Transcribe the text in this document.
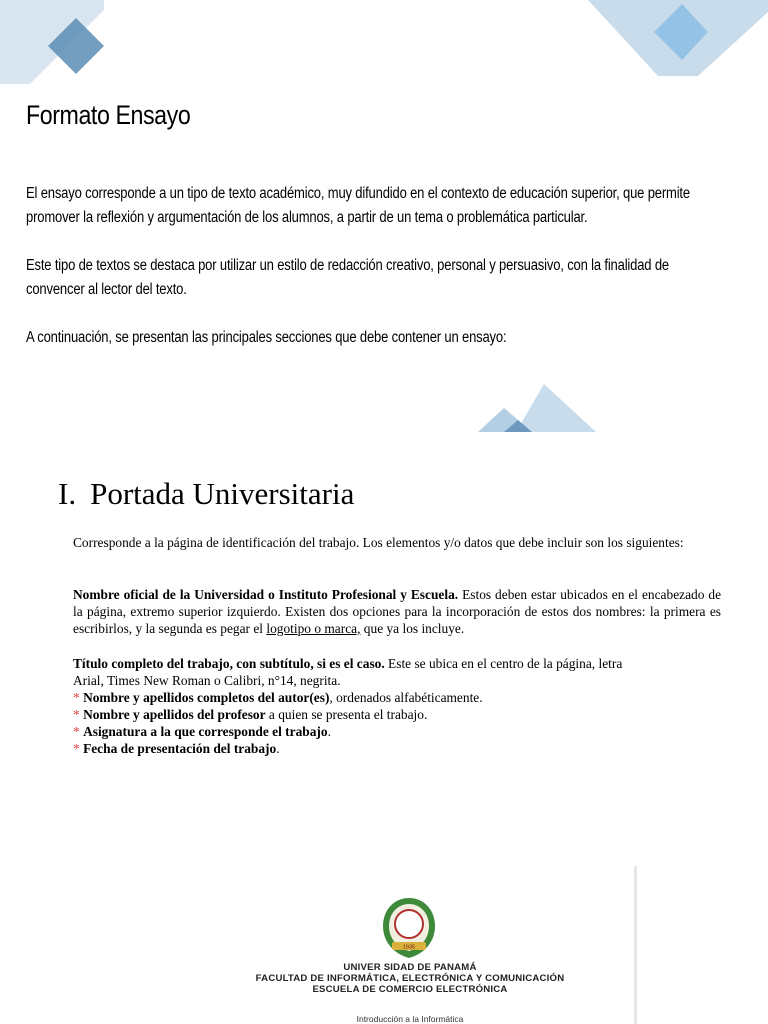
Formato Ensayo

El ensayo corresponde a un tipo de texto académico, muy difundido en el contexto de educación superior, que permite promover la reflexión y argumentación de los alumnos, a partir de un tema o problemática particular.

Este tipo de textos se destaca por utilizar un estilo de redacción creativo, personal y persuasivo, con la finalidad de convencer al lector del texto.

A continuación, se presentan las principales secciones que debe contener un ensayo:

I. Portada Universitaria

Corresponde a la página de identificación del trabajo. Los elementos y/o datos que debe incluir son los siguientes:

Nombre oficial de la Universidad o Instituto Profesional y Escuela. Estos deben estar ubicados en el encabezado de la página, extremo superior izquierdo. Existen dos opciones para la incorporación de estos dos nombres: la primera es escribirlos, y la segunda es pegar el logotipo o marca, que ya los incluye.

Título completo del trabajo, con subtítulo, si es el caso. Este se ubica en el centro de la página, letra

Arial, Times New Roman o Calibri, n°14, negrita.

* Nombre y apellidos completos del autor(es), ordenados alfabéticamente.

* Nombre y apellidos del profesor a quien se presenta el trabajo.

* Asignatura a la que corresponde el trabajo.

* Fecha de presentación del trabajo.

1935
UNIVER SIDAD DE PANAMÁ
FACULTAD DE INFORMÁTICA, ELECTRÓNICA Y COMUNICACIÓN
ESCUELA DE COMERCIO ELECTRÓNICA
Introducción a la Informática
